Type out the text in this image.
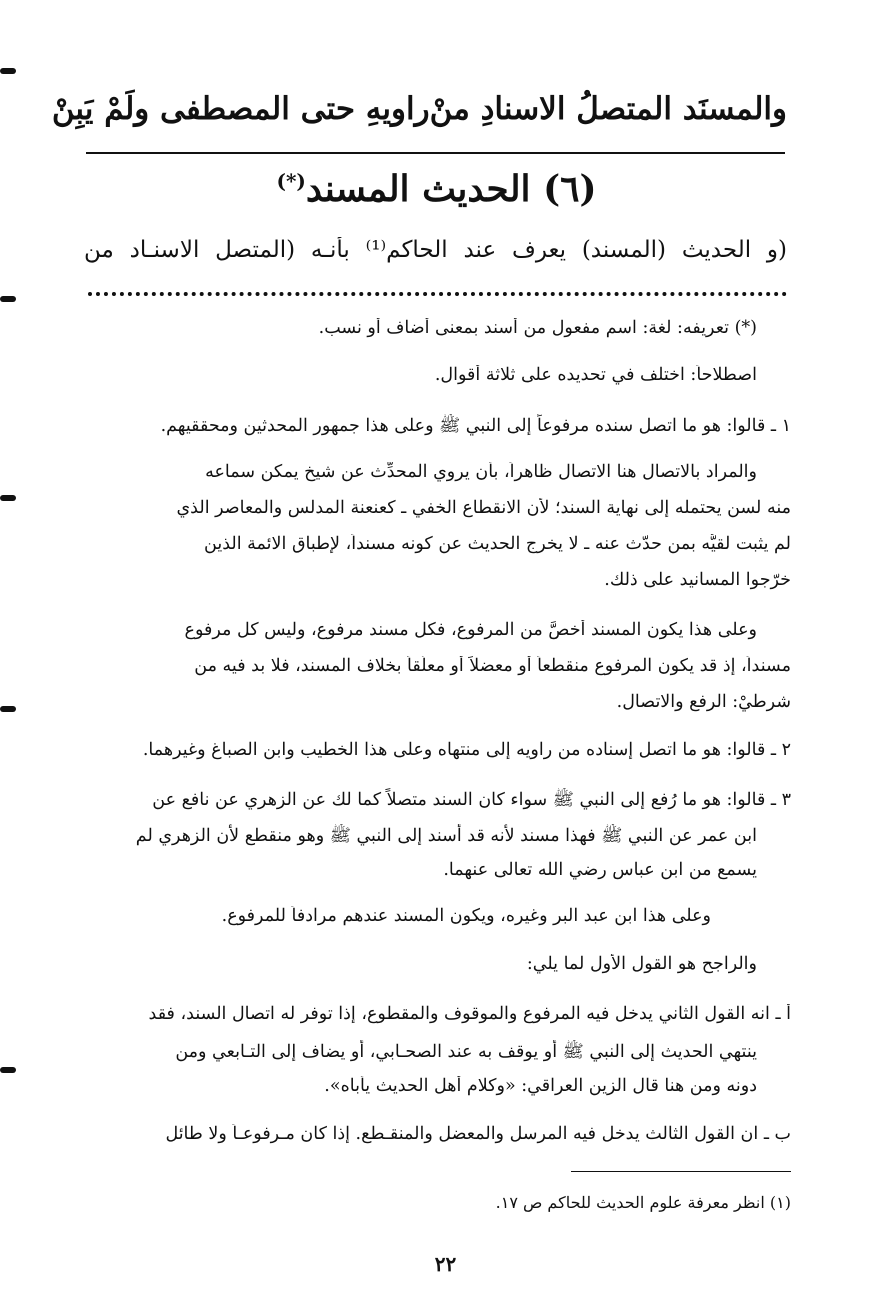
والمسنَد المتصلُ الاسنادِ منْ
راويهِ حتى المصطفى ولَمْ يَبِنْ
(٦) الحديث المسند(*)
(و الحديث (المسند) يعرف عند الحاكم⁽¹⁾ بأنـه (المتصل الاسنـاد من
(*) تعريفه: لغة: اسم مفعول من أسند بمعنى أضاف أو نسب.
اصطلاحاً: اختلف في تحديده على ثلاثة أقوال.
١ ـ قالوا: هو ما اتصل سنده مرفوعاً إلى النبي ﷺ وعلى هذا جمهور المحدثين ومحققيهم.
والمراد بالاتصال هنا الاتصال ظاهراً، بأن يروي المحدِّث عن شيخ يمكن سماعه
منه لسن يحتمله إلى نهاية السند؛ لأن الانقطاع الخفي ـ كعنعنة المدلس والمعاصر الذي
لم يثبت لقيُّه بمن حدّث عنه ـ لا يخرج الحديث عن كونه مسنداً، لإطباق الائمة الذين
خرّجوا المسانيد على ذلك.
وعلى هذا يكون المسند أخصَّ من المرفوع، فكل مسند مرفوع، وليس كل مرفوع
مسنداً، إذ قد يكون المرفوع منقطعاً أو معضلاً أو معلّقاً بخلاف المسند، فلا بد فيه من
شرطيْ: الرفع والاتصال.
٢ ـ قالوا: هو ما اتصل إسناده من راويه إلى منتهاه وعلى هذا الخطيب وابن الصباغ وغيرهما.
٣ ـ قالوا: هو ما رُفع إلى النبي ﷺ سواء كان السند متصلاً كما لك عن الزهري عن نافع عن
ابن عمر عن النبي ﷺ فهذا مسند لأنه قد أسند إلى النبي ﷺ وهو منقطع لأن الزهري لم
يسمع من ابن عباس رضي الله تعالى عنهما.
وعلى هذا ابن عبد البر وغيره، ويكون المسند عندهم مرادفاً للمرفوع.
والراجح هو القول الأول لما يلي:
أ ـ انه القول الثاني يدخل فيه المرفوع والموقوف والمقطوع، إذا توفر له اتصال السند، فقد
ينتهي الحديث إلى النبي ﷺ أو يوقف به عند الصحـابي، أو يضاف إلى التـابعي ومن
دونه ومن هنا قال الزين العراقي: «وكلام أهل الحديث يأباه».
ب ـ ان القول الثالث يدخل فيه المرسل والمعضل والمنقـطع. إذا كان مـرفوعـاً ولا طائل
(١) انظر معرفة علوم الحديث للحاكم ص ١٧.
٢٢
